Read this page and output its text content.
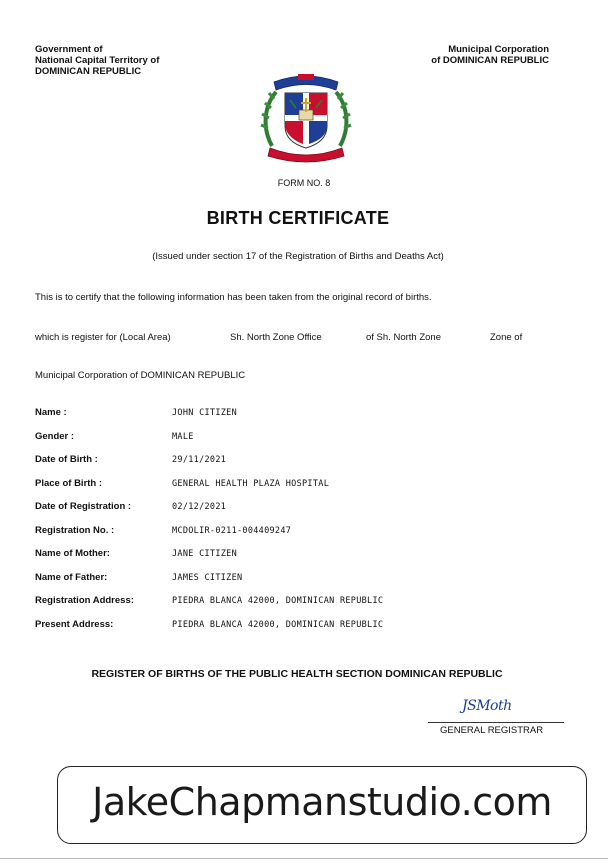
Government of
National Capital Territory of
DOMINICAN REPUBLIC
Municipal Corporation
of DOMINICAN REPUBLIC
FORM NO. 8
BIRTH CERTIFICATE
(Issued under section 17 of the Registration of Births and Deaths Act)
This is to certify that the following information has been taken from the original record of births.
which is register for (Local Area)	Sh. North Zone Office	of Sh. North Zone	Zone of
Municipal Corporation of DOMINICAN REPUBLIC
Name :	JOHN CITIZEN
Gender :	MALE
Date of Birth :	29/11/2021
Place of Birth :	GENERAL HEALTH PLAZA HOSPITAL
Date of Registration :	02/12/2021
Registration No. :	MCDOLIR-0211-004409247
Name of Mother:	JANE CITIZEN
Name of Father:	JAMES CITIZEN
Registration Address:	PIEDRA BLANCA 42000, DOMINICAN REPUBLIC
Present Address:	PIEDRA BLANCA 42000, DOMINICAN REPUBLIC
REGISTER OF BIRTHS OF THE PUBLIC HEALTH SECTION DOMINICAN REPUBLIC
JSMoth
GENERAL REGISTRAR
JakeChapmanstudio.com
